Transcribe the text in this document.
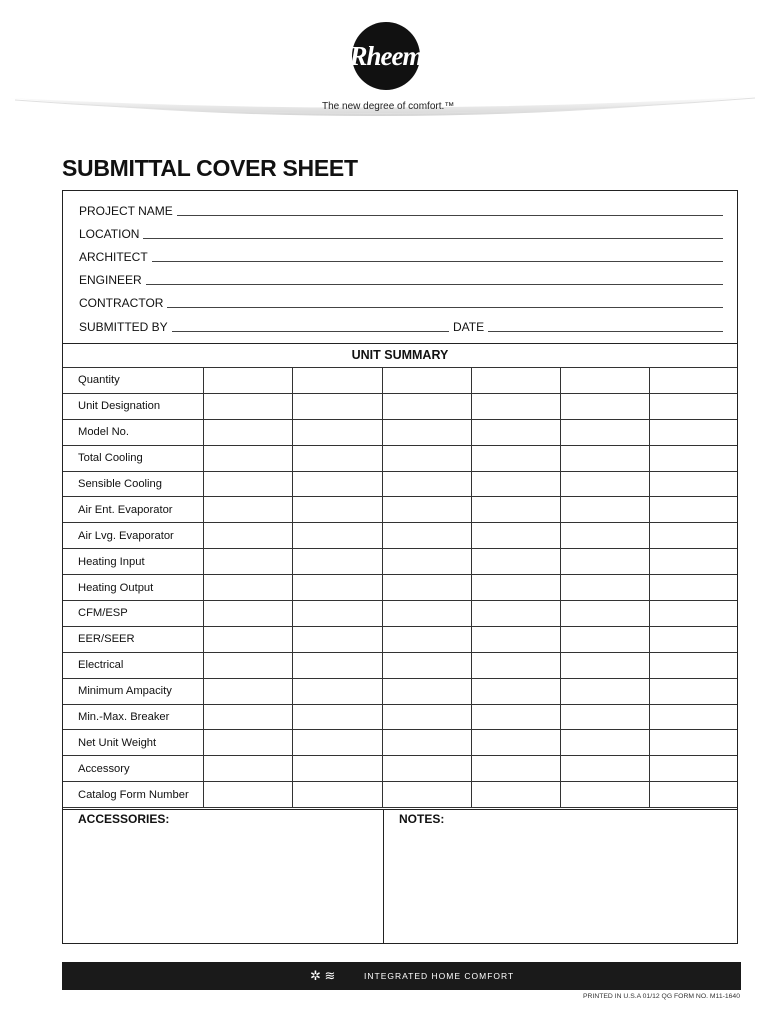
Rheem
The new degree of comfort.™
SUBMITTAL COVER SHEET
PROJECT NAME
LOCATION
ARCHITECT
ENGINEER
CONTRACTOR
SUBMITTED BY	DATE
UNIT SUMMARY
Quantity						
Unit Designation						
Model No.						
Total Cooling						
Sensible Cooling						
Air Ent. Evaporator						
Air Lvg. Evaporator						
Heating Input						
Heating Output						
CFM/ESP						
EER/SEER						
Electrical						
Minimum Ampacity						
Min.-Max. Breaker						
Net Unit Weight						
Accessory						
Catalog Form Number						
ACCESSORIES:	NOTES:
✲ ≋	INTEGRATED HOME COMFORT
PRINTED IN U.S.A 01/12 QG FORM NO. M11-1640
